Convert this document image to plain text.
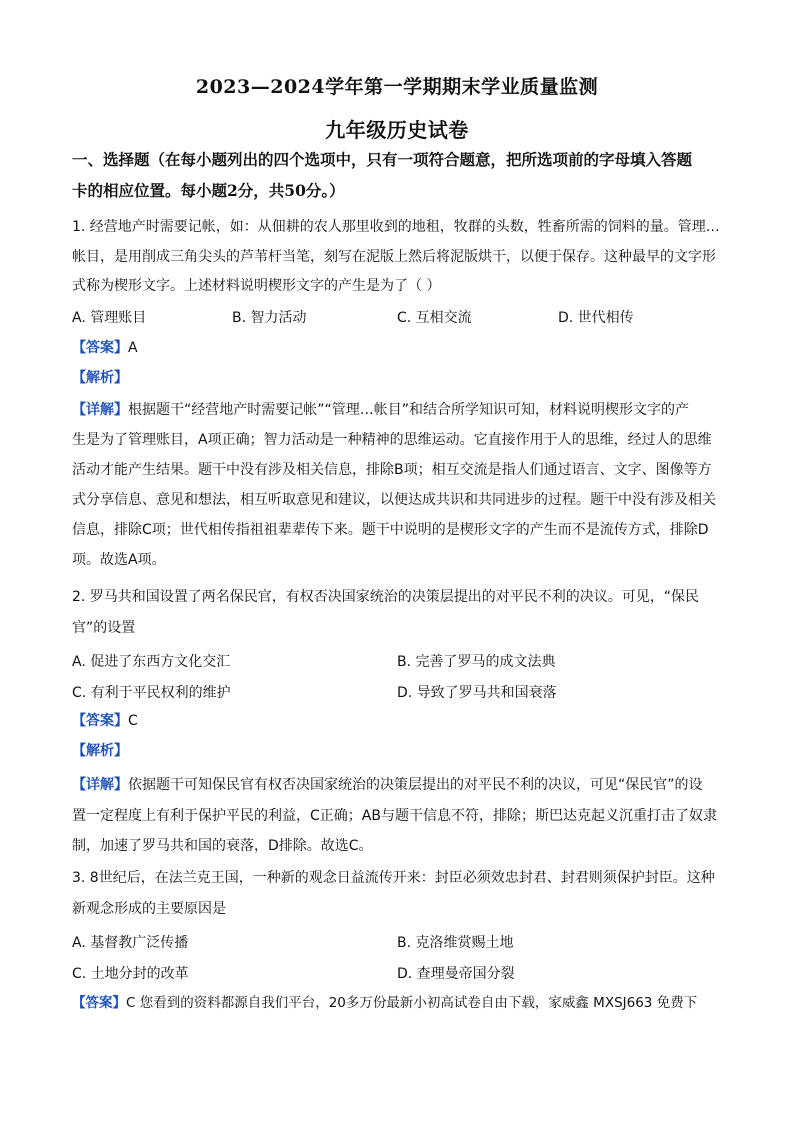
2023—2024学年第一学期期末学业质量监测
九年级历史试卷
一、选择题（在每小题列出的四个选项中，只有一项符合题意，把所选项前的字母填入答题
卡的相应位置。每小题2分，共50分。）
1. 经营地产时需要记帐，如：从佃耕的农人那里收到的地租，牧群的头数，牲畜所需的饲料的量。管理…
帐目，是用削成三角尖头的芦苇杆当笔，刻写在泥版上然后将泥版烘干，以便于保存。这种最早的文字形
式称为楔形文字。上述材料说明楔形文字的产生是为了（ ）
A. 管理账目	B. 智力活动	C. 互相交流	D. 世代相传
【答案】A
【解析】
【详解】根据题干“经营地产时需要记帐”“管理…帐目”和结合所学知识可知，材料说明楔形文字的产
生是为了管理账目，A项正确；智力活动是一种精神的思维运动。它直接作用于人的思维，经过人的思维
活动才能产生结果。题干中没有涉及相关信息，排除B项；相互交流是指人们通过语言、文字、图像等方
式分享信息、意见和想法，相互听取意见和建议，以便达成共识和共同进步的过程。题干中没有涉及相关
信息，排除C项；世代相传指祖祖辈辈传下来。题干中说明的是楔形文字的产生而不是流传方式，排除D
项。故选A项。
2. 罗马共和国设置了两名保民官，有权否决国家统治的决策层提出的对平民不利的决议。可见，“保民
官”的设置
A. 促进了东西方文化交汇	B. 完善了罗马的成文法典
C. 有利于平民权利的维护	D. 导致了罗马共和国衰落
【答案】C
【解析】
【详解】依据题干可知保民官有权否决国家统治的决策层提出的对平民不利的决议，可见“保民官”的设
置一定程度上有利于保护平民的利益，C正确；AB与题干信息不符，排除；斯巴达克起义沉重打击了奴隶
制，加速了罗马共和国的衰落，D排除。故选C。
3. 8世纪后，在法兰克王国，一种新的观念日益流传开来：封臣必须效忠封君、封君则须保护封臣。这种
新观念形成的主要原因是
A. 基督教广泛传播	B. 克洛维赏赐土地
C. 土地分封的改革	D. 查理曼帝国分裂
【答案】C 您看到的资料都源自我们平台，20多万份最新小初高试卷自由下载，家威鑫 MXSJ663 免费下
